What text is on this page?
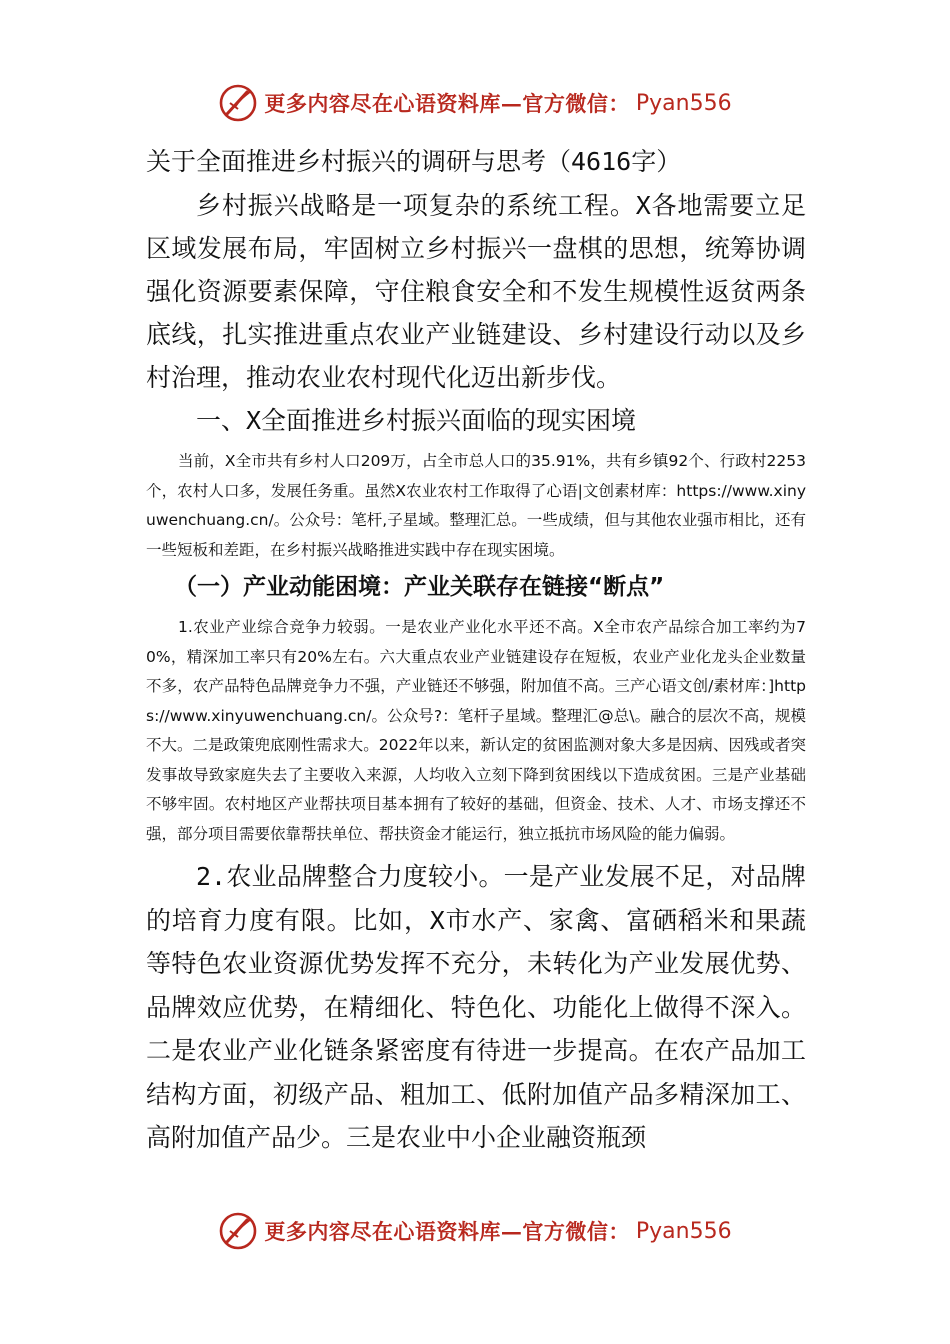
更多内容尽在心语资料库—官方微信： Pyan556

关于全面推进乡村振兴的调研与思考（4616字）

乡村振兴战略是一项复杂的系统工程。X各地需要立足区域发展布局，牢固树立乡村振兴一盘棋的思想，统筹协调强化资源要素保障，守住粮食安全和不发生规模性返贫两条底线，扎实推进重点农业产业链建设、乡村建设行动以及乡村治理，推动农业农村现代化迈出新步伐。

一、X全面推进乡村振兴面临的现实困境

当前，X全市共有乡村人口209万，占全市总人口的35.91%，共有乡镇92个、行政村2253个，农村人口多，发展任务重。虽然X农业农村工作取得了心语|文创素材库：https://www.xinyuwenchuang.cn/。公众号：笔杆,子星域。整理汇总。一些成绩，但与其他农业强市相比，还有一些短板和差距，在乡村振兴战略推进实践中存在现实困境。

（一）产业动能困境：产业关联存在链接“断点”

1.农业产业综合竞争力较弱。一是农业产业化水平还不高。X全市农产品综合加工率约为70%，精深加工率只有20%左右。六大重点农业产业链建设存在短板，农业产业化龙头企业数量不多，农产品特色品牌竞争力不强，产业链还不够强，附加值不高。三产心语文创/素材库：]https://www.xinyuwenchuang.cn/。公众号?：笔杆子星域。整理汇@总\。融合的层次不高，规模不大。二是政策兜底刚性需求大。2022年以来，新认定的贫困监测对象大多是因病、因残或者突发事故导致家庭失去了主要收入来源，人均收入立刻下降到贫困线以下造成贫困。三是产业基础不够牢固。农村地区产业帮扶项目基本拥有了较好的基础，但资金、技术、人才、市场支撑还不强，部分项目需要依靠帮扶单位、帮扶资金才能运行，独立抵抗市场风险的能力偏弱。

2.农业品牌整合力度较小。一是产业发展不足，对品牌的培育力度有限。比如，X市水产、家禽、富硒稻米和果蔬等特色农业资源优势发挥不充分，未转化为产业发展优势、品牌效应优势，在精细化、特色化、功能化上做得不深入。二是农业产业化链条紧密度有待进一步提高。在农产品加工结构方面，初级产品、粗加工、低附加值产品多精深加工、高附加值产品少。三是农业中小企业融资瓶颈

更多内容尽在心语资料库—官方微信： Pyan556
